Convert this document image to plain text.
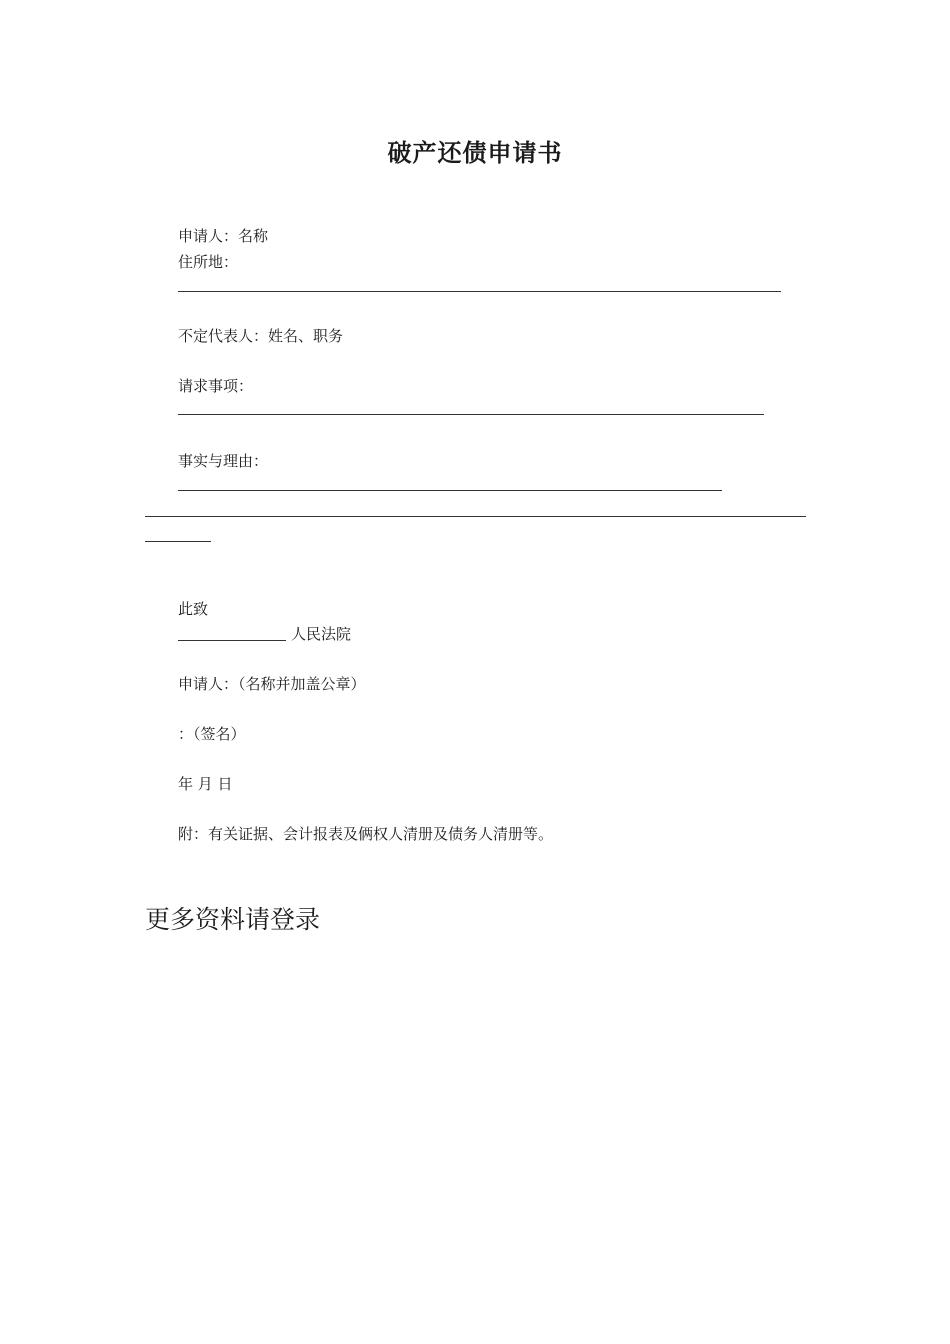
破产还债申请书
申请人：名称
住所地：
不定代表人：姓名、职务
请求事项：
事实与理由：
此致
人民法院
申请人：（名称并加盖公章）
：（签名）
年 月 日
附：有关证据、会计报表及俩权人清册及债务人清册等。
更多资料请登录
